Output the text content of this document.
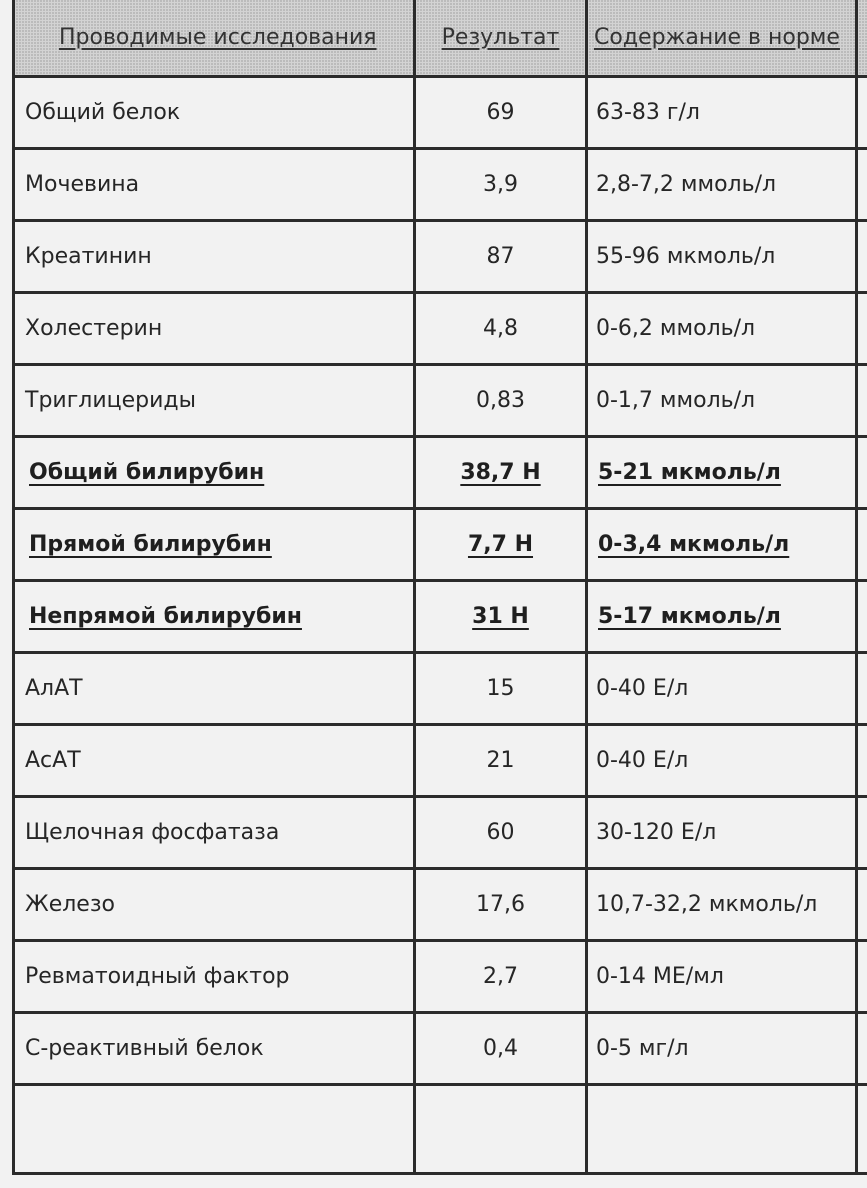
Проводимые исследования	Результат	Содержание в норме	
Общий белок	69	63-83 г/л	
Мочевина	3,9	2,8-7,2 ммоль/л	
Креатинин	87	55-96 мкмоль/л	
Холестерин	4,8	0-6,2 ммоль/л	
Триглицериды	0,83	0-1,7 ммоль/л	
Общий билирубин	38,7 Н	5-21 мкмоль/л	
Прямой билирубин	7,7 Н	0-3,4 мкмоль/л	
Непрямой билирубин	31 Н	5-17 мкмоль/л	
АлАТ	15	0-40 Е/л	
АсАТ	21	0-40 Е/л	
Щелочная фосфатаза	60	30-120 Е/л	
Железо	17,6	10,7-32,2 мкмоль/л	
Ревматоидный фактор	2,7	0-14 МЕ/мл	
С-реактивный белок	0,4	0-5 мг/л	
